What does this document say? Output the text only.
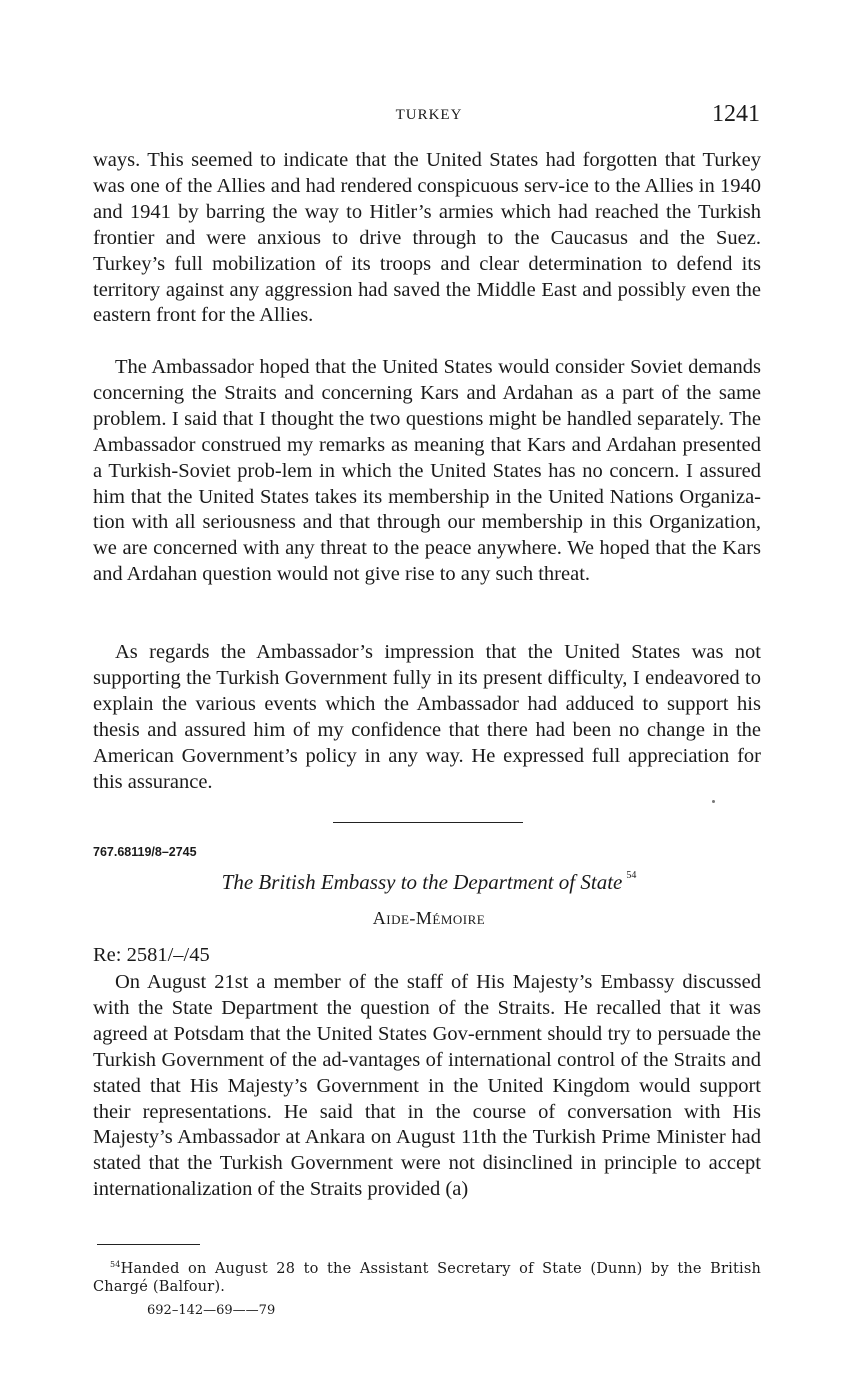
TURKEY	1241

ways. This seemed to indicate that the United States had forgotten that Turkey was one of the Allies and had rendered conspicuous serv-ice to the Allies in 1940 and 1941 by barring the way to Hitler’s armies which had reached the Turkish frontier and were anxious to drive through to the Caucasus and the Suez. Turkey’s full mobilization of its troops and clear determination to defend its territory against any aggression had saved the Middle East and possibly even the eastern front for the Allies.

The Ambassador hoped that the United States would consider Soviet demands concerning the Straits and concerning Kars and Ardahan as a part of the same problem. I said that I thought the two questions might be handled separately. The Ambassador construed my remarks as meaning that Kars and Ardahan presented a Turkish-Soviet prob-lem in which the United States has no concern. I assured him that the United States takes its membership in the United Nations Organiza-tion with all seriousness and that through our membership in this Organization, we are concerned with any threat to the peace anywhere. We hoped that the Kars and Ardahan question would not give rise to any such threat.

As regards the Ambassador’s impression that the United States was not supporting the Turkish Government fully in its present difficulty, I endeavored to explain the various events which the Ambassador had adduced to support his thesis and assured him of my confidence that there had been no change in the American Government’s policy in any way. He expressed full appreciation for this assurance.

767.68119/8–2745
The British Embassy to the Department of State $^{54}$
Aide-Mémoire
Re: 2581/–/45

On August 21st a member of the staff of His Majesty’s Embassy discussed with the State Department the question of the Straits. He recalled that it was agreed at Potsdam that the United States Gov-ernment should try to persuade the Turkish Government of the ad-vantages of international control of the Straits and stated that His Majesty’s Government in the United Kingdom would support their representations. He said that in the course of conversation with His Majesty’s Ambassador at Ankara on August 11th the Turkish Prime Minister had stated that the Turkish Government were not disinclined in principle to accept internationalization of the Straits provided (a)

$^{54}$Handed on August 28 to the Assistant Secretary of State (Dunn) by the British Chargé (Balfour).

692–142—69——79
